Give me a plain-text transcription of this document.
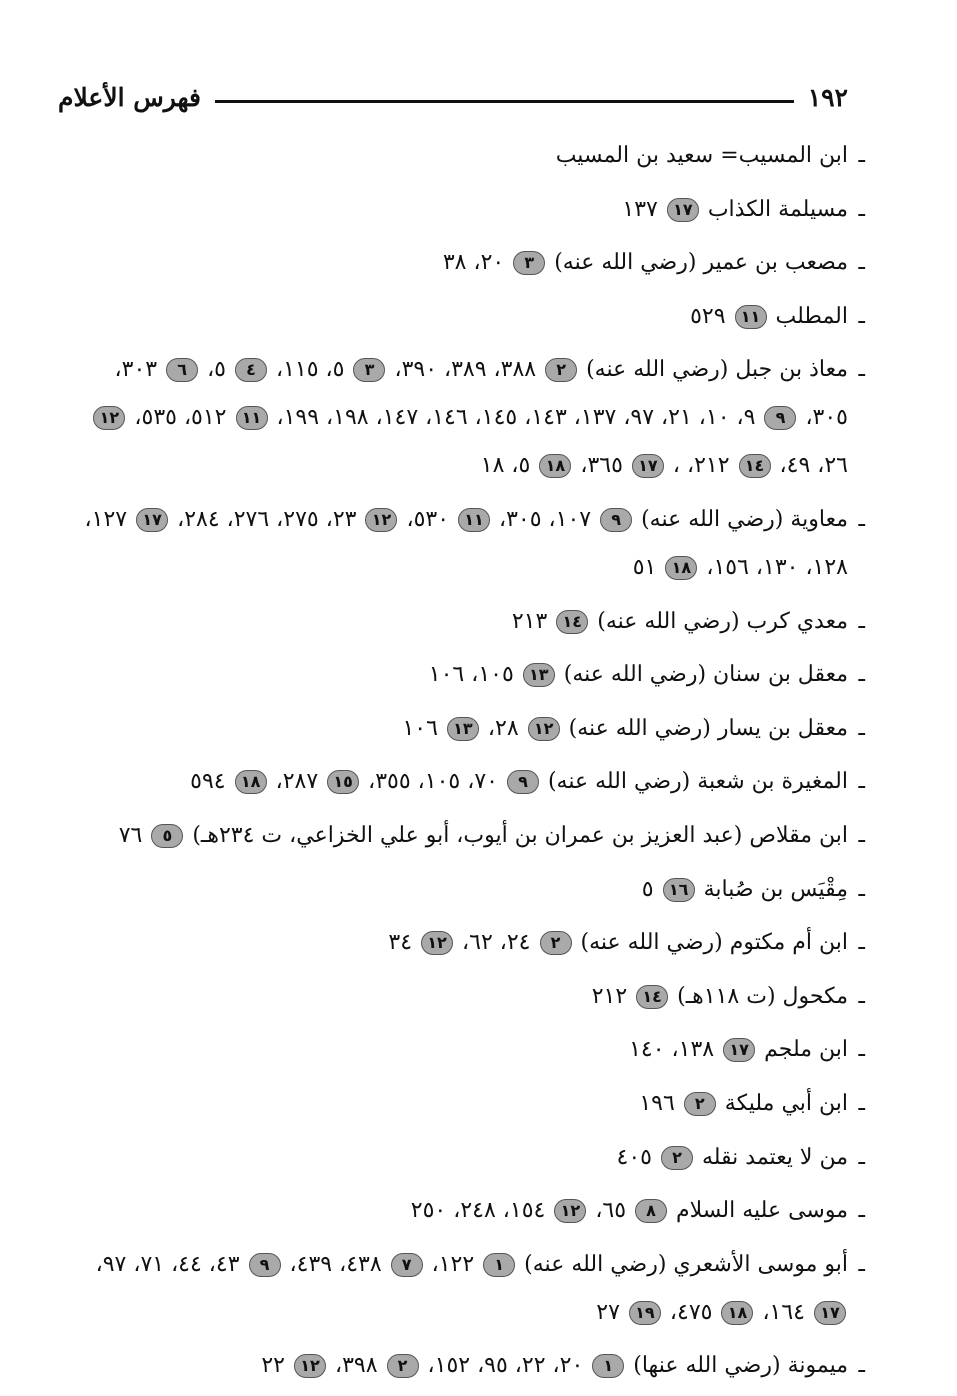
١٩٢
فهرس الأعلام

ـابن المسيب= سعيد بن المسيب

ـمسيلمة الكذاب ١٧ ١٣٧

ـمصعب بن عمير (رضي الله عنه) ٣ ٢٠، ٣٨

ـالمطلب ١١ ٥٢٩

ـمعاذ بن جبل (رضي الله عنه) ٢ ٣٨٨، ٣٨٩، ٣٩٠، ٣ ٥، ١١٥، ٤ ٥، ٦ ٣٠٣، ٣٠٥، ٩ ٩، ١٠، ٢١، ٩٧، ١٣٧، ١٤٣، ١٤٥، ١٤٦، ١٤٧، ١٩٨، ١٩٩، ١١ ٥١٢، ٥٣٥، ١٢ ٢٦، ٤٩، ١٤ ٢١٢، ، ١٧ ٣٦٥، ١٨ ٥، ١٨

ـمعاوية (رضي الله عنه) ٩ ١٠٧، ٣٠٥، ١١ ٥٣٠، ١٢ ٢٣، ٢٧٥، ٢٧٦، ٢٨٤، ١٧ ١٢٧، ١٢٨، ١٣٠، ١٥٦، ١٨ ٥١

ـمعدي كرب (رضي الله عنه) ١٤ ٢١٣

ـمعقل بن سنان (رضي الله عنه) ١٣ ١٠٥، ١٠٦

ـمعقل بن يسار (رضي الله عنه) ١٢ ٢٨، ١٣ ١٠٦

ـالمغيرة بن شعبة (رضي الله عنه) ٩ ٧٠، ١٠٥، ٣٥٥، ١٥ ٢٨٧، ١٨ ٥٩٤

ـابن مقلاص (عبد العزيز بن عمران بن أيوب، أبو علي الخزاعي، ت ٢٣٤هـ) ٥ ٧٦

ـمِقْيَس بن صُبابة ١٦ ٥

ـابن أم مكتوم (رضي الله عنه) ٢ ٢٤، ٦٢، ١٢ ٣٤

ـمكحول (ت ١١٨هـ) ١٤ ٢١٢

ـابن ملجم ١٧ ١٣٨، ١٤٠

ـابن أبي مليكة ٢ ١٩٦

ـمن لا يعتمد نقله ٢ ٤٠٥

ـموسى عليه السلام ٨ ٦٥، ١٢ ١٥٤، ٢٤٨، ٢٥٠

ـأبو موسى الأشعري (رضي الله عنه) ١ ١٢٢، ٧ ٤٣٨، ٤٣٩، ٩ ٤٣، ٤٤، ٧١، ٩٧، ١٧ ١٦٤، ١٨ ٤٧٥، ١٩ ٢٧

ـميمونة (رضي الله عنها) ١ ٢٠، ٢٢، ٩٥، ١٥٢، ٢ ٣٩٨، ١٢ ٢٢
